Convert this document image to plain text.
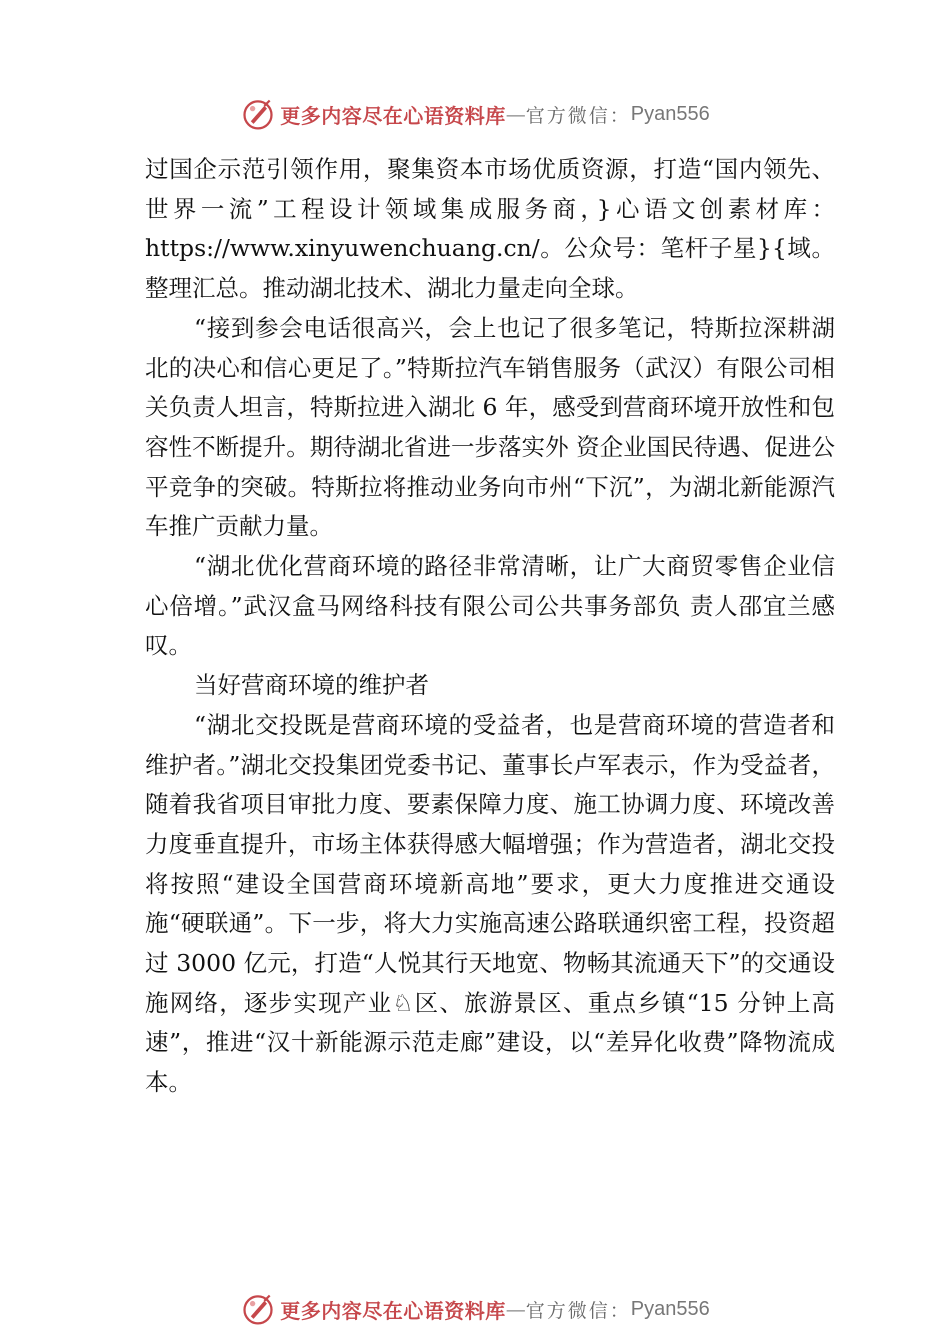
更多内容尽在心语资料库 — 官方微信： Pyan556

过国企示范引领作用，聚集资本市场优质资源，打造“国内领先、世界一流”工程设计领域集成服务商，}心语文创素材库：https://www.xinyuwenchuang.cn/。公众号：笔杆子星}{域。整理汇总。推动湖北技术、湖北力量走向全球。

“接到参会电话很高兴，会上也记了很多笔记，特斯拉深耕湖北的决心和信心更足了。”特斯拉汽车销售服务（武汉）有限公司相关负责人坦言，特斯拉进入湖北 6 年，感受到营商环境开放性和包容性不断提升。期待湖北省进一步落实外 资企业国民待遇、促进公平竞争的突破。特斯拉将推动业务向市州“下沉”，为湖北新能源汽车推广贡献力量。

“湖北优化营商环境的路径非常清晰，让广大商贸零售企业信心倍增。”武汉盒马网络科技有限公司公共事务部负 责人邵宜兰感叹。

当好营商环境的维护者

“湖北交投既是营商环境的受益者，也是营商环境的营造者和维护者。”湖北交投集团党委书记、董事长卢军表示，作为受益者，随着我省项目审批力度、要素保障力度、施工协调力度、环境改善力度垂直提升，市场主体获得感大幅增强；作为营造者，湖北交投将按照“建设全国营商环境新高地”要求，更大力度推进交通设施“硬联通”。下一步，将大力实施高速公路联通织密工程，投资超过 3000 亿元，打造“人悦其行天地宽、物畅其流通天下”的交通设施网络，逐步实现产业♘区、旅游景区、重点乡镇“15 分钟上高速”，推进“汉十新能源示范走廊”建设，以“差异化收费”降物流成本。

更多内容尽在心语资料库 — 官方微信： Pyan556
